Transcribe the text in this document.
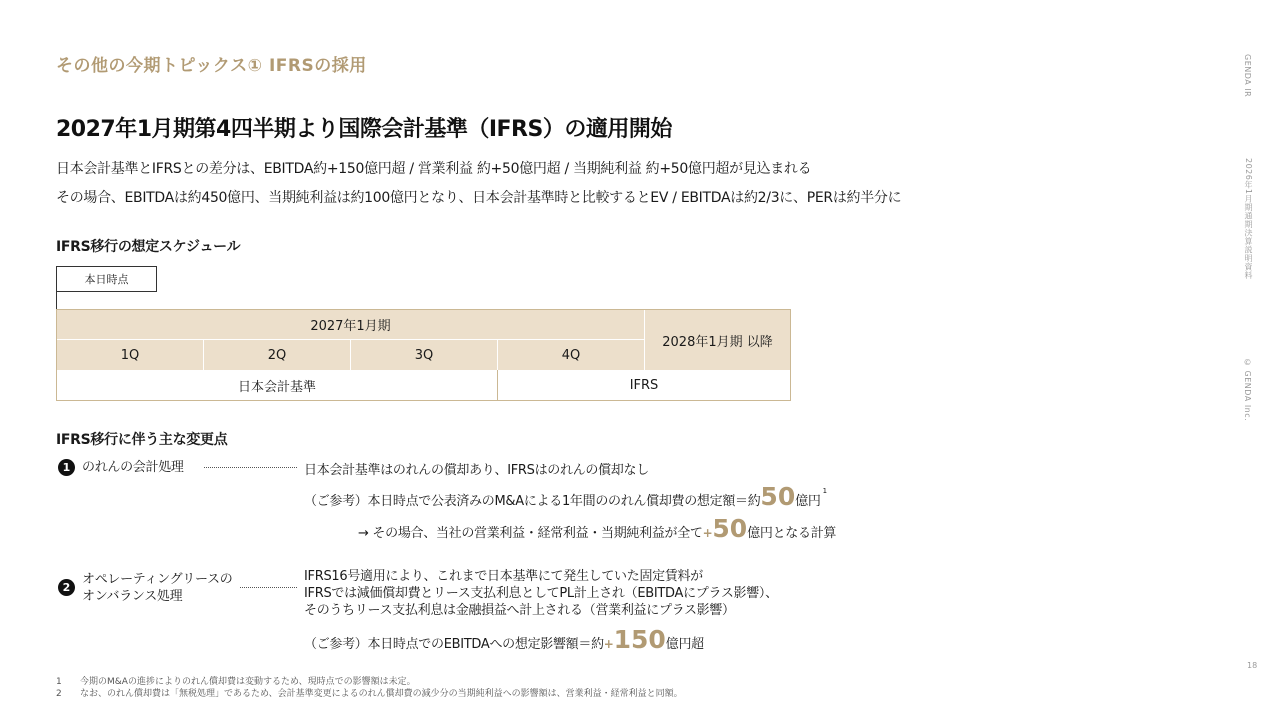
その他の今期トピックス① IFRSの採用
2027年1月期第4四半期より国際会計基準（IFRS）の適用開始

日本会計基準とIFRSとの差分は、EBITDA約+150億円超 / 営業利益 約+50億円超 / 当期純利益 約+50億円超が見込まれる

その場合、EBITDAは約450億円、当期純利益は約100億円となり、日本会計基準時と比較するとEV / EBITDAは約2/3に、PERは約半分に

GENDA IR
2026年1月期通期決算説明資料
© GENDA Inc.
18
IFRS移行の想定スケジュール
本日時点
2027年1月期
1Q	2Q	3Q	4Q
2028年1月期 以降
日本会計基準	IFRS
IFRS移行に伴う主な変更点
1 のれんの会計処理	日本会計基準はのれんの償却あり、IFRSはのれんの償却なし
（ご参考）本日時点で公表済みのM&Aによる1年間ののれん償却費の想定額＝約 50 億円
1
→ その場合、当社の営業利益・経常利益・当期純利益が全て + 50 億円となる計算
2
オペレーティングリースの
オンバランス処理
IFRS16号適用により、これまで日本基準にて発生していた固定賃料が
IFRSでは減価償却費とリース支払利息としてPL計上され（EBITDAにプラス影響）、
そのうちリース支払利息は金融損益へ計上される（営業利益にプラス影響）
（ご参考）本日時点でのEBITDAへの想定影響額＝約 + 150 億円超
1	今期のM&Aの進捗によりのれん償却費は変動するため、現時点での影響額は未定。
2	なお、のれん償却費は「無税処理」であるため、会計基準変更によるのれん償却費の減少分の当期純利益への影響額は、営業利益・経常利益と同額。
